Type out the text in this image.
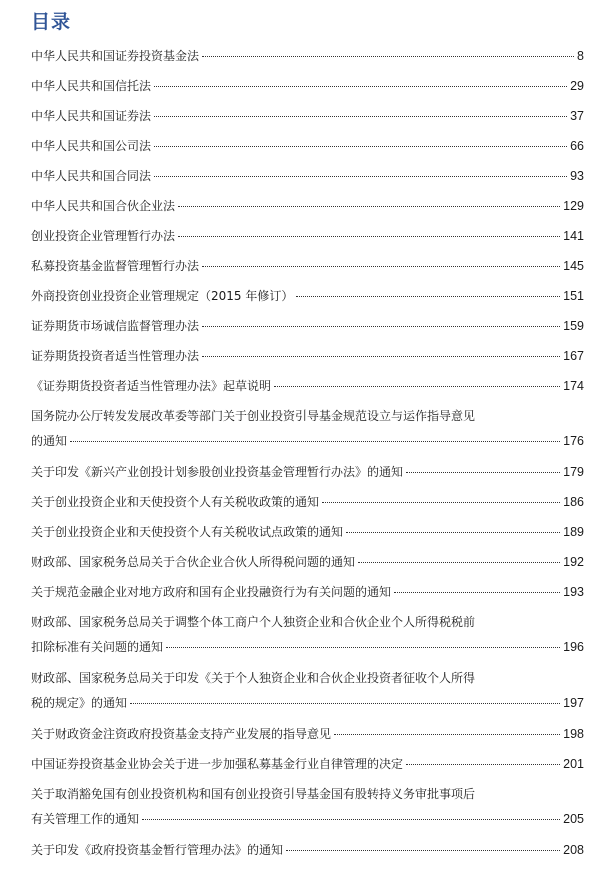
目录
中华人民共和国证券投资基金法	8
中华人民共和国信托法	29
中华人民共和国证券法	37
中华人民共和国公司法	66
中华人民共和国合同法	93
中华人民共和国合伙企业法	129
创业投资企业管理暂行办法	141
私募投资基金监督管理暂行办法	145
外商投资创业投资企业管理规定（2015 年修订）	151
证券期货市场诚信监督管理办法	159
证券期货投资者适当性管理办法	167
《证券期货投资者适当性管理办法》起草说明	174
国务院办公厅转发发展改革委等部门关于创业投资引导基金规范设立与运作指导意见
的通知	176
关于印发《新兴产业创投计划参股创业投资基金管理暂行办法》的通知	179
关于创业投资企业和天使投资个人有关税收政策的通知	186
关于创业投资企业和天使投资个人有关税收试点政策的通知	189
财政部、国家税务总局关于合伙企业合伙人所得税问题的通知	192
关于规范金融企业对地方政府和国有企业投融资行为有关问题的通知	193
财政部、国家税务总局关于调整个体工商户个人独资企业和合伙企业个人所得税税前
扣除标准有关问题的通知	196
财政部、国家税务总局关于印发《关于个人独资企业和合伙企业投资者征收个人所得
税的规定》的通知	197
关于财政资金注资政府投资基金支持产业发展的指导意见	198
中国证券投资基金业协会关于进一步加强私募基金行业自律管理的决定	201
关于取消豁免国有创业投资机构和国有创业投资引导基金国有股转持义务审批事项后
有关管理工作的通知	205
关于印发《政府投资基金暂行管理办法》的通知	208
